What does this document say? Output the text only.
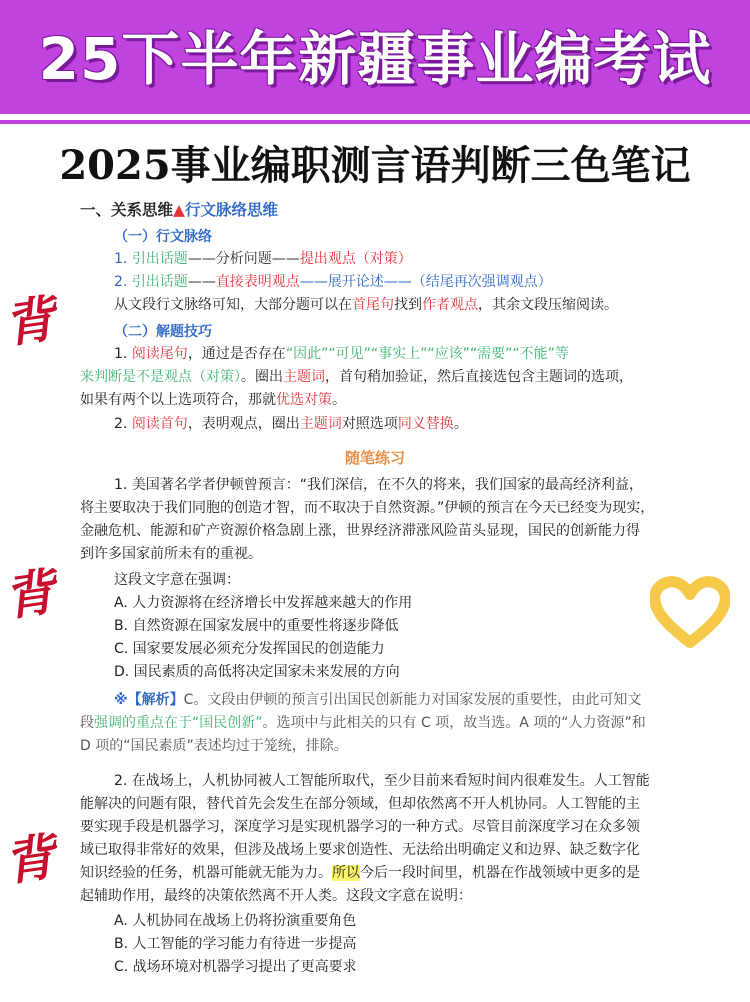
25下半年新疆事业编考试
2025事业编职测言语判断三色笔记
背
背
背
一、关系思维▲行文脉络思维
（一）行文脉络
1. 引出话题——分析问题——提出观点（对策）
2. 引出话题——直接表明观点——展开论述——（结尾再次强调观点）
从文段行文脉络可知，大部分题可以在首尾句找到作者观点，其余文段压缩阅读。
（二）解题技巧
1. 阅读尾句，通过是否存在“因此”“可见”“事实上”“应该”“需要”“不能”等
来判断是不是观点（对策）。圈出主题词，首句稍加验证，然后直接选包含主题词的选项，
如果有两个以上选项符合，那就优选对策。
2. 阅读首句，表明观点，圈出主题词对照选项同义替换。
随笔练习
1. 美国著名学者伊顿曾预言：“我们深信，在不久的将来，我们国家的最高经济利益，
将主要取决于我们同胞的创造才智，而不取决于自然资源。”伊顿的预言在今天已经变为现实，
金融危机、能源和矿产资源价格急剧上涨，世界经济滞涨风险苗头显现，国民的创新能力得
到许多国家前所未有的重视。
这段文字意在强调：
A. 人力资源将在经济增长中发挥越来越大的作用
B. 自然资源在国家发展中的重要性将逐步降低
C. 国家要发展必须充分发挥国民的创造能力
D. 国民素质的高低将决定国家未来发展的方向
※【解析】C。文段由伊顿的预言引出国民创新能力对国家发展的重要性，由此可知文
段强调的重点在于“国民创新”。选项中与此相关的只有 C 项，故当选。A 项的“人力资源”和
D 项的“国民素质”表述均过于笼统，排除。
2. 在战场上，人机协同被人工智能所取代，至少目前来看短时间内很难发生。人工智能
能解决的问题有限，替代首先会发生在部分领域，但却依然离不开人机协同。人工智能的主
要实现手段是机器学习，深度学习是实现机器学习的一种方式。尽管目前深度学习在众多领
域已取得非常好的效果，但涉及战场上要求创造性、无法给出明确定义和边界、缺乏数字化
知识经验的任务，机器可能就无能为力。所以今后一段时间里，机器在作战领域中更多的是
起辅助作用，最终的决策依然离不开人类。这段文字意在说明：
A. 人机协同在战场上仍将扮演重要角色
B. 人工智能的学习能力有待进一步提高
C. 战场环境对机器学习提出了更高要求
